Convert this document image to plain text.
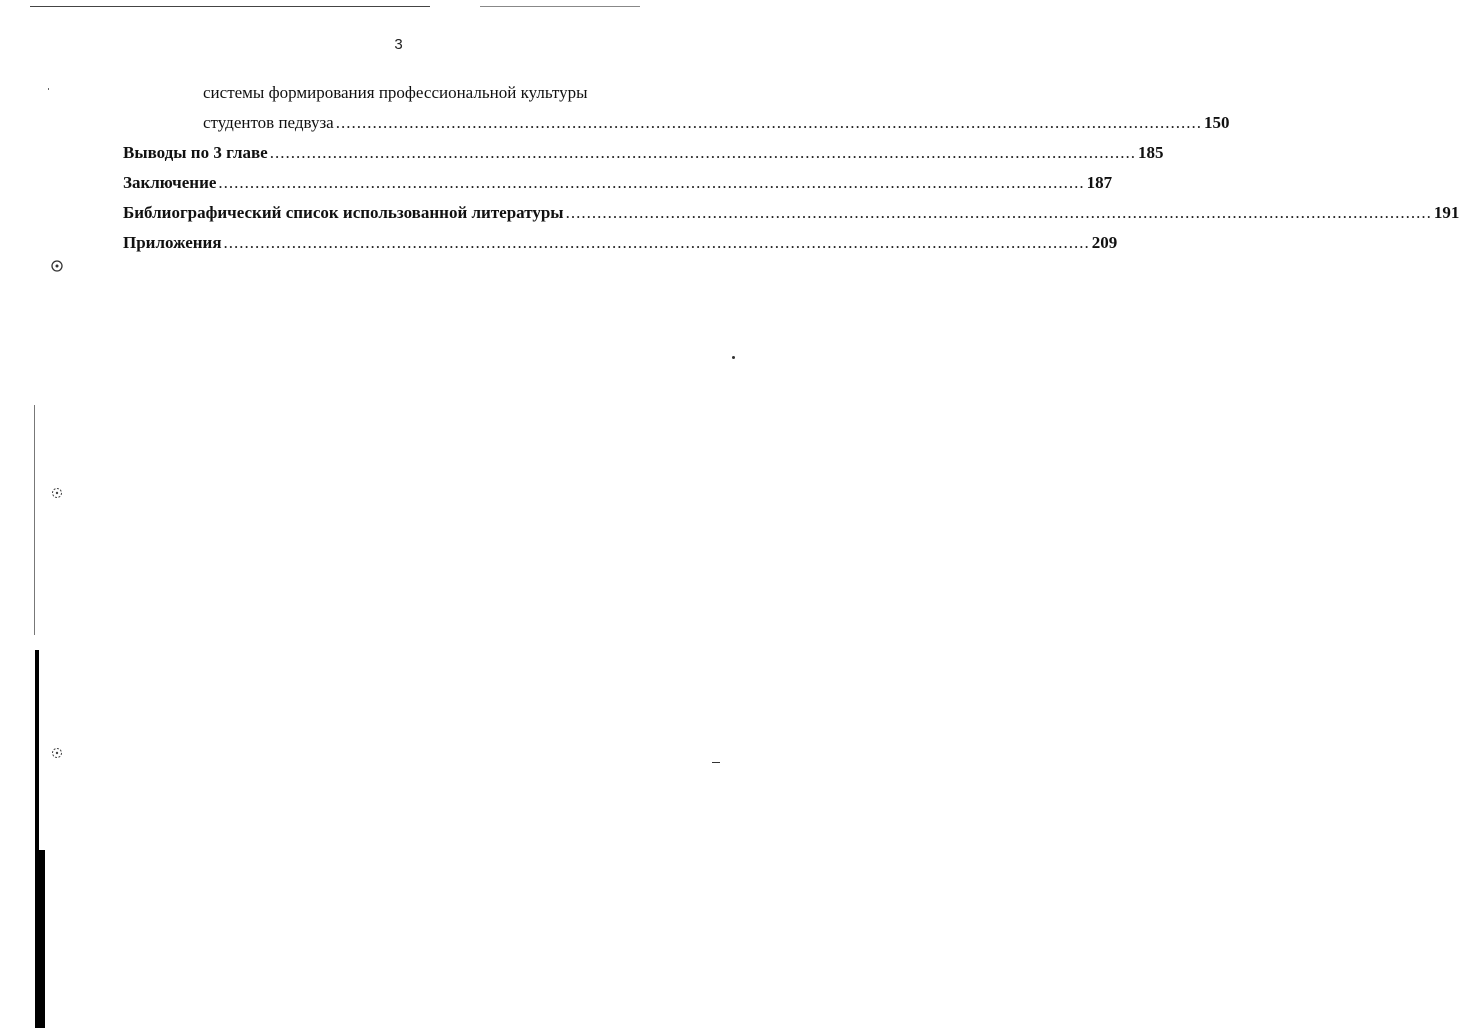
3
системы формирования профессиональной культуры
студентов педвуза ..................................................................................................................................................................... 150
Выводы по 3 главе ..................................................................................................................................................................... 185
Заключение ..................................................................................................................................................................... 187
Библиографический список использованной литературы ..................................................................................................................................................................... 191
Приложения ..................................................................................................................................................................... 209
